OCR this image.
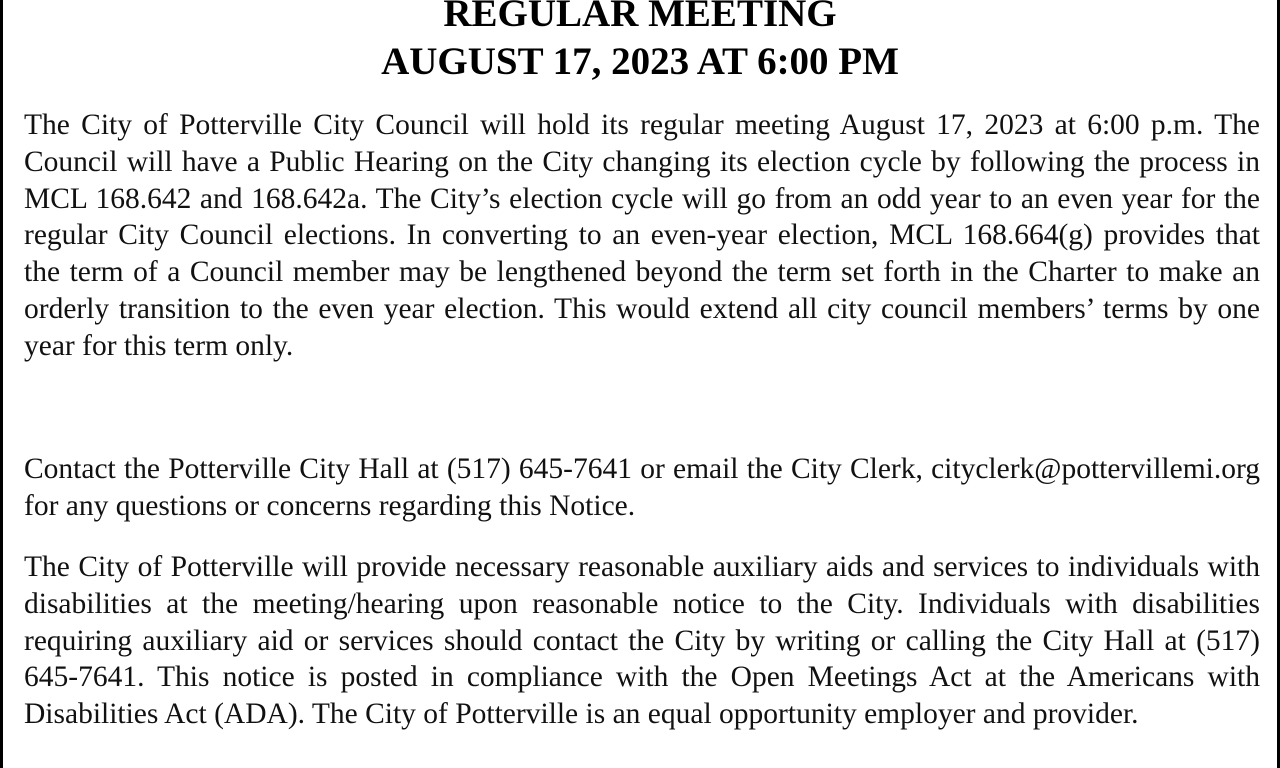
REGULAR MEETING
AUGUST 17, 2023 AT 6:00 PM

The City of Potterville City Council will hold its regular meeting August 17, 2023 at 6:00 p.m. The Council will have a Public Hearing on the City changing its election cycle by following the process in MCL 168.642 and 168.642a. The City’s election cycle will go from an odd year to an even year for the regular City Council elections. In converting to an even-year election, MCL 168.664(g) provides that the term of a Council member may be lengthened beyond the term set forth in the Charter to make an orderly transition to the even year election. This would extend all city council members’ terms by one year for this term only.

Contact the Potterville City Hall at (517) 645-7641 or email the City Clerk, cityclerk@pottervillemi.org for any questions or concerns regarding this Notice.

The City of Potterville will provide necessary reasonable auxiliary aids and services to individuals with disabilities at the meeting/hearing upon reasonable notice to the City. Individuals with disabilities requiring auxiliary aid or services should contact the City by writing or calling the City Hall at (517) 645-7641. This notice is posted in compliance with the Open Meetings Act at the Americans with Disabilities Act (ADA). The City of Potterville is an equal opportunity employer and provider.
